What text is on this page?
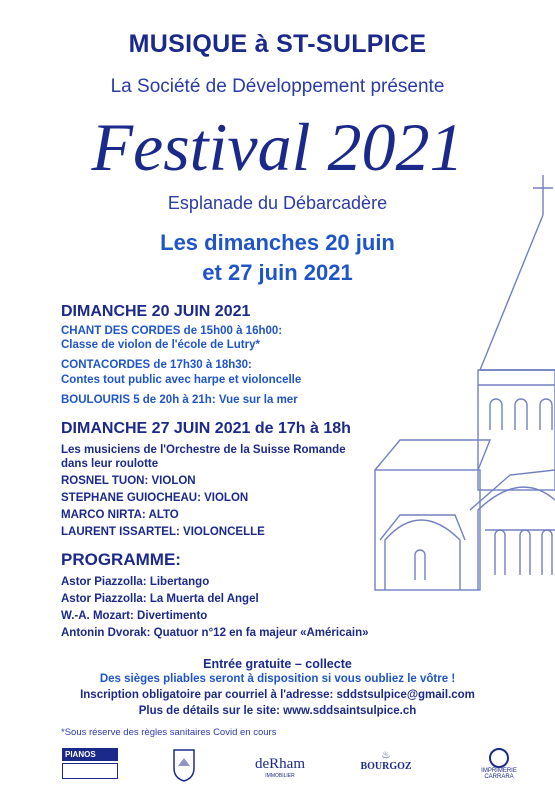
MUSIQUE à ST-SULPICE
La Société de Développement présente
Festival 2021
Esplanade du Débarcadère
Les dimanches 20 juin
et 27 juin 2021
DIMANCHE 20 JUIN 2021
CHANT DES CORDES de 15h00 à 16h00:
Classe de violon de l'école de Lutry*
CONTACORDES de 17h30 à 18h30:
Contes tout public avec harpe et violoncelle
BOULOURIS 5 de 20h à 21h: Vue sur la mer
DIMANCHE 27 JUIN 2021 de 17h à 18h
Les musiciens de l'Orchestre de la Suisse Romande
dans leur roulotte
ROSNEL TUON: VIOLON
STEPHANE GUIOCHEAU: VIOLON
MARCO NIRTA: ALTO
LAURENT ISSARTEL: VIOLONCELLE
PROGRAMME:
Astor Piazzolla: Libertango
Astor Piazzolla: La Muerta del Angel
W.-A. Mozart: Divertimento
Antonin Dvorak: Quatuor n°12 en fa majeur «Américain»
Entrée gratuite – collecte
Des sièges pliables seront à disposition si vous oubliez le vôtre !
Inscription obligatoire par courriel à l'adresse: sddstsulpice@gmail.com
Plus de détails sur le site: www.sddsaintsulpice.ch
*Sous réserve des règles sanitaires Covid en cours
PIANOS
deRham
IMMOBILIER
♨
BOURGOZ	IMPRIMERIE
CARRARA
